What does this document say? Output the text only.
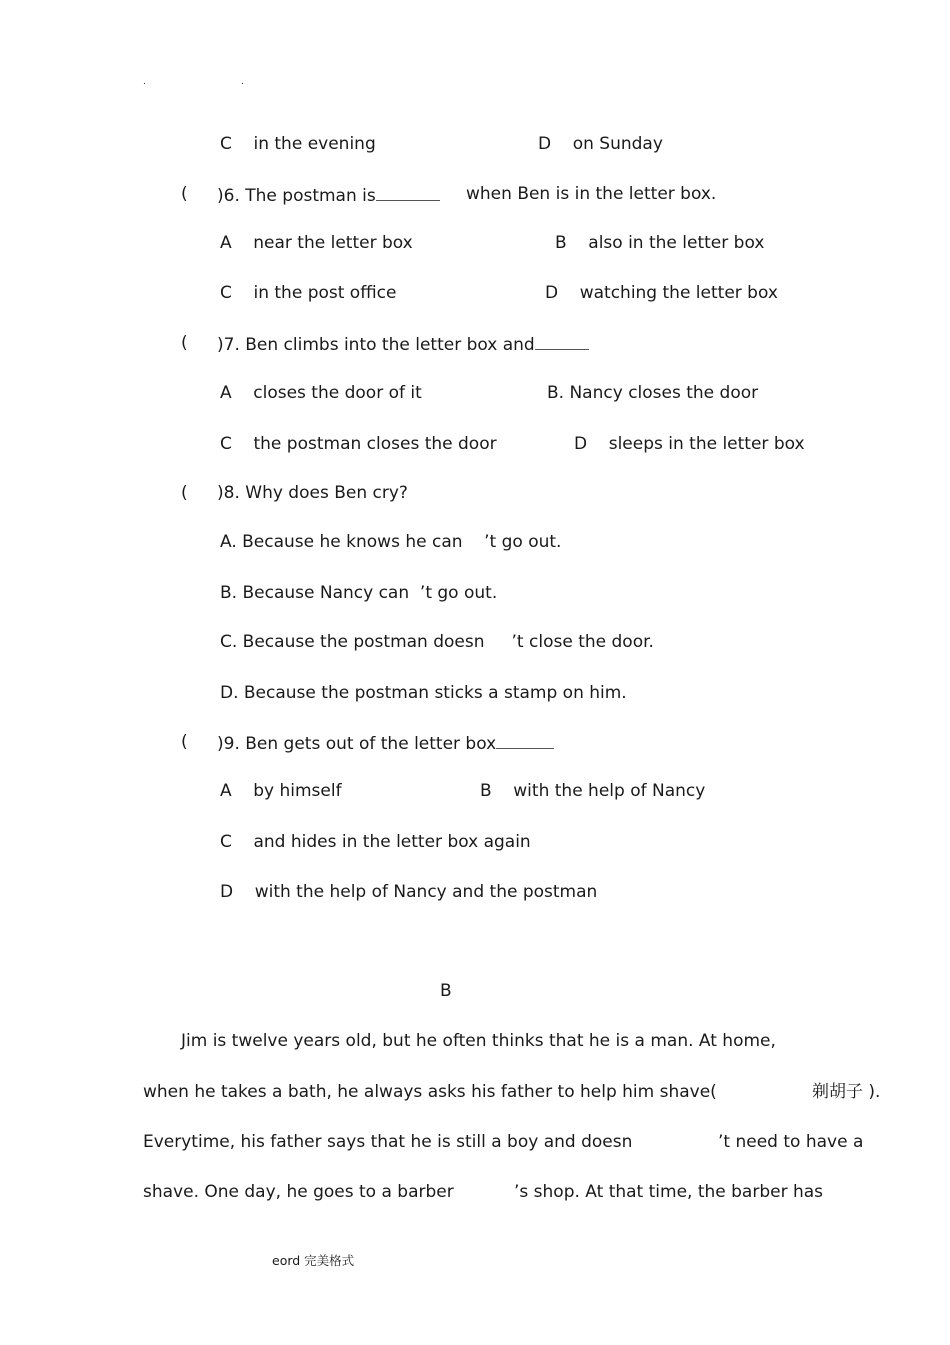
.	.
C    in the evening	D    on Sunday
( )6. The postman is	when Ben is in the letter box.
A    near the letter box	B    also in the letter box
C    in the post office	D    watching the letter box
( )7. Ben climbs into the letter box and
A    closes the door of it	B. Nancy closes the door
C    the postman closes the door	D    sleeps in the letter box
( )8. Why does Ben cry?
A. Because he knows he can    ’t go out.
B. Because Nancy can  ’t go out.
C. Because the postman doesn     ’t close the door.
D. Because the postman sticks a stamp on him.
( )9. Ben gets out of the letter box
A    by himself	B    with the help of Nancy
C    and hides in the letter box again
D    with the help of Nancy and the postman
B
Jim is twelve years old, but he often thinks that he is a man. At home,
when he takes a bath, he always asks his father to help him shave(	剃胡子 ).
Everytime, his father says that he is still a boy and doesn	’t need to have a
shave. One day, he goes to a barber	’s shop. At that time, the barber has
eord 完美格式
